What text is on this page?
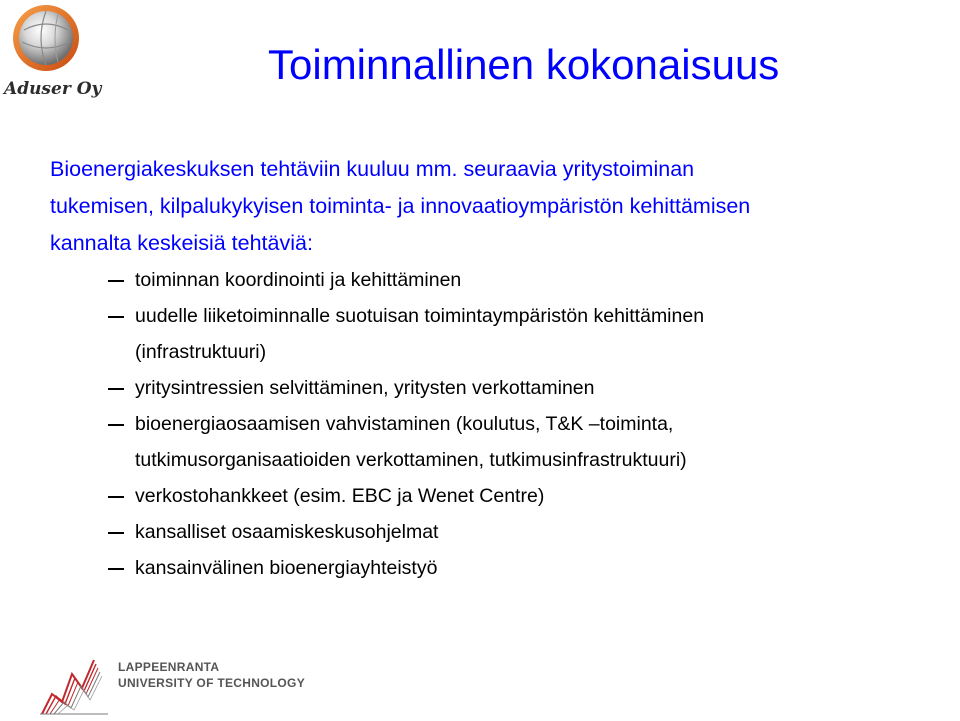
Aduser Oy
Toiminnallinen kokonaisuus
Bioenergiakeskuksen tehtäviin kuuluu mm. seuraavia yritystoiminan
tukemisen, kilpalukykyisen toiminta- ja innovaatioympäristön kehittämisen
kannalta keskeisiä tehtäviä:
toiminnan koordinointi ja kehittäminen
uudelle liiketoiminnalle suotuisan toimintaympäristön kehittäminen
(infrastruktuuri)
yritysintressien selvittäminen, yritysten verkottaminen
bioenergiaosaamisen vahvistaminen (koulutus, T&K –toiminta,
tutkimusorganisaatioiden verkottaminen, tutkimusinfrastruktuuri)
verkostohankkeet (esim. EBC ja Wenet Centre)
kansalliset osaamiskeskusohjelmat
kansainvälinen bioenergiayhteistyö
LAPPEENRANTA
UNIVERSITY OF TECHNOLOGY
